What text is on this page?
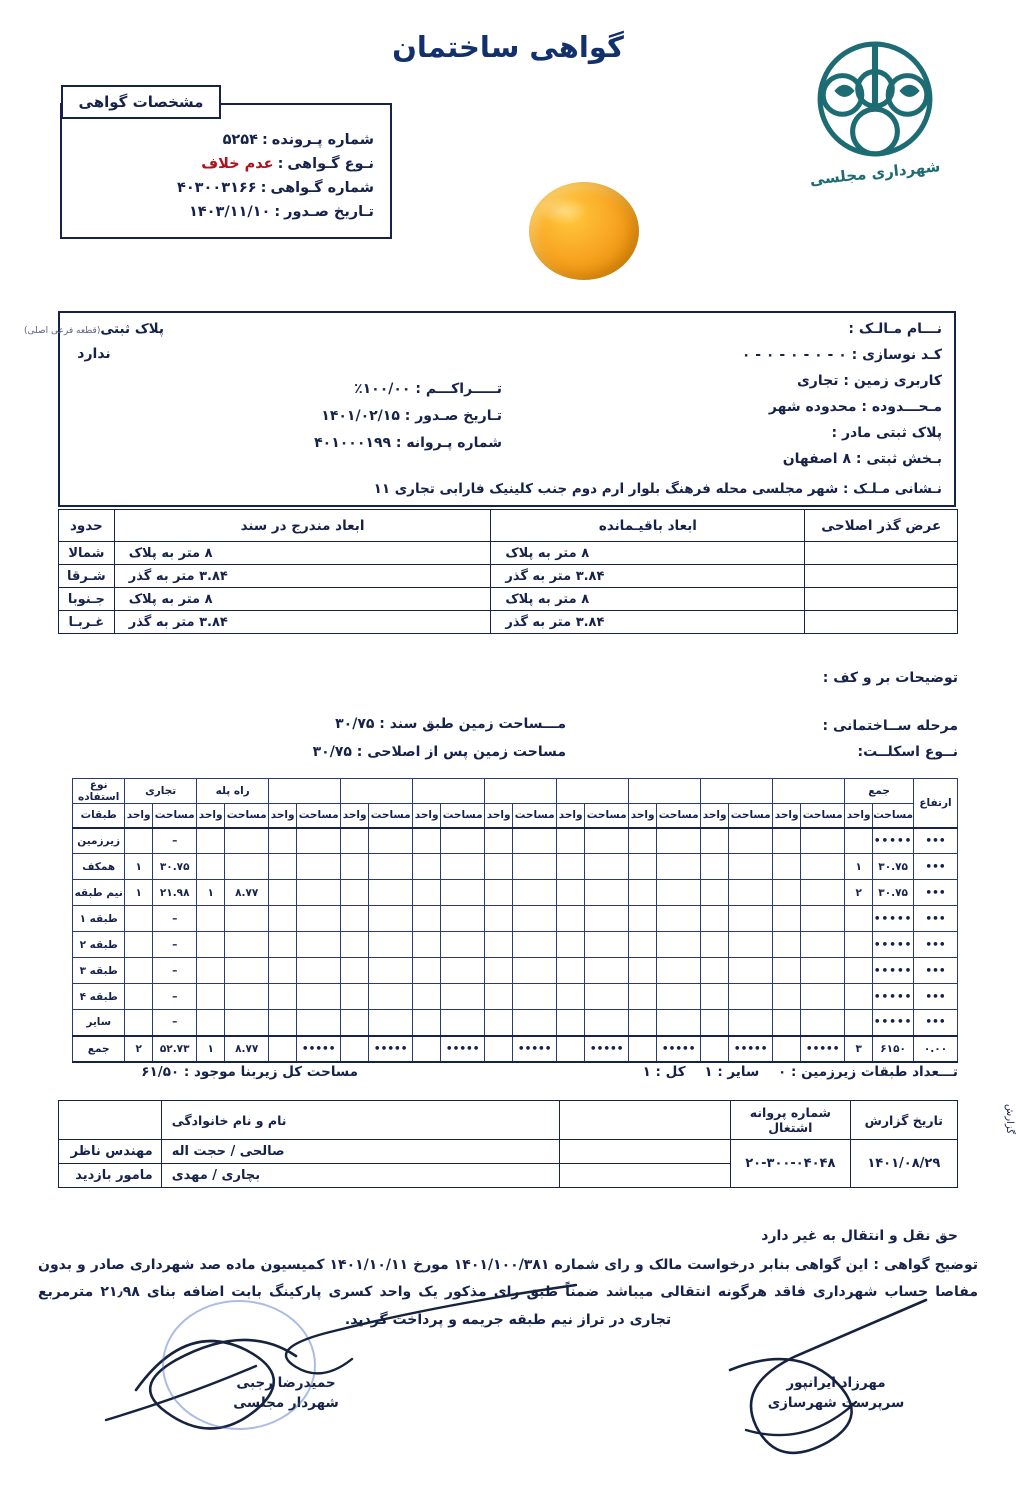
گواهی ساختمان
شهرداری مجلسی
مشخصات گواهی
شماره پـرونده
:
۵۲۵۴
نـوع گـواهی
:
عدم خلاف
شماره گـواهی
:
۴۰۳۰۰۳۱۶۶
تـاریخ صـدور
:
۱۴۰۳/۱۱/۱۰
نـــام مـالـک :
کـد نوسازی : ۰ - ۰ - ۰ - ۰ - ۰
کاربری زمین : تجاری
مـحـــدوده : محدوده شهر
پلاک ثبتی مادر :
بـخش ثبتی : ۸ اصفهان
تـــــراکـــم : ۱۰۰/۰۰٪
تـاریخ صـدور : ۱۴۰۱/۰۲/۱۵
شماره پـروانه : ۴۰۱۰۰۰۱۹۹
پلاک ثبتی(قطعه فرعی اصلی)
ندارد
نـشانی مـلـک : شهر مجلسی محله فرهنگ بلوار ارم دوم جنب کلینیک فارابی تجاری ۱۱
عرض گذر اصلاحی	ابعاد باقیـمانده	ابعاد مندرج در سند	حدود
	۸ متر به پلاک	۸ متر به پلاک	شمالا
	۳.۸۴ متر به گذر	۳.۸۴ متر به گذر	شـرقا
	۸ متر به پلاک	۸ متر به پلاک	جـنوبا
	۳.۸۴ متر به گذر	۳.۸۴ متر به گذر	غـربـا
توضیحات بر و کف :
مرحله ســاختمانی :
نــوع اسکلــت:
مـــساحت زمین طبق سند : ۳۰/۷۵
مساحت زمین پس از اصلاحی : ۳۰/۷۵
ارتفاع	جمع																		راه پله		تجاری		نوع استفاده
	مساحت	واحد	مساحت	واحد	مساحت	واحد	مساحت	واحد	مساحت	واحد	مساحت	واحد	مساحت	واحد	مساحت	واحد	مساحت	واحد	مساحت	واحد	مساحت	واحد	طبقات
•••	•••••																				–		زیرزمین
•••	۳۰.۷۵	۱																			۳۰.۷۵	۱	همکف
•••	۳۰.۷۵	۲																	۸.۷۷	۱	۲۱.۹۸	۱	نیم طبقه
•••	•••••																				–		طبقه ۱
•••	•••••																				–		طبقه ۲
•••	•••••																				–		طبقه ۳
•••	•••••																				–		طبقه ۴
•••	•••••																				–		سایر
۰.۰۰	۶۱۵۰	۳	•••••		•••••		•••••		•••••		•••••		•••••		•••••		•••••		۸.۷۷	۱	۵۲.۷۳	۲	جمع
تـــعداد طبقات زیرزمین : ۰    سایر : ۱    کل : ۱
مساحت کل زیربنا موجود : ۶۱/۵۰
گزارش
تاریخ گزارش	شماره پروانه اشتغال		نام و نام خانوادگی	
۱۴۰۱/۰۸/۲۹	۲۰-۳۰۰-۰۴۰۴۸		صالحی / حجت اله	مهندس ناظر
			بچاری / مهدی	مامور بازدید
حق نقل و انتقال به غیر دارد
توضیح گواهی : این گواهی بنابر درخواست مالک و رای شماره ۱۴۰۱/۱۰۰/۳۸۱ مورخ ۱۴۰۱/۱۰/۱۱ کمیسیون ماده صد شهرداری صادر و بدون مفاصا حساب شهرداری فاقد هرگونه انتقالی میباشد ضمناً طبق رای مذکور یک واحد کسری پارکینگ بابت اضافه بنای ۲۱٫۹۸ مترمربع تجاری در تراز نیم طبقه جریمه و پرداخت گردید.
حمیدرضا رجبی
شهردار مجلسی
مهرزاد ایرانپور
سرپرست شهرسازی
